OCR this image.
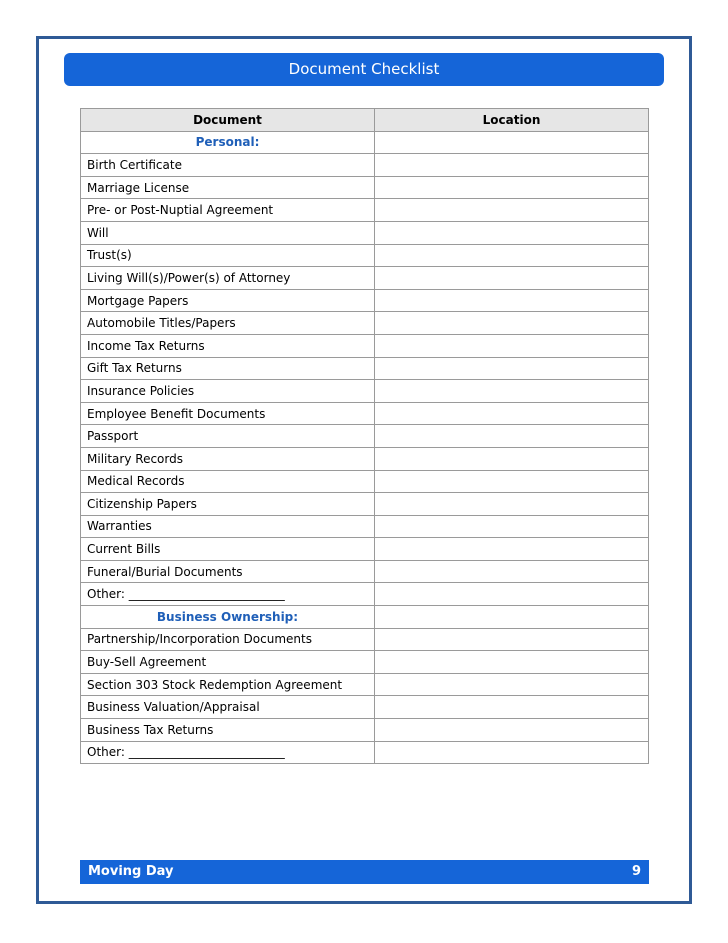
Document Checklist
Document	Location
Personal:	
Birth Certificate	
Marriage License	
Pre- or Post-Nuptial Agreement	
Will	
Trust(s)	
Living Will(s)/Power(s) of Attorney	
Mortgage Papers	
Automobile Titles/Papers	
Income Tax Returns	
Gift Tax Returns	
Insurance Policies	
Employee Benefit Documents	
Passport	
Military Records	
Medical Records	
Citizenship Papers	
Warranties	
Current Bills	
Funeral/Burial Documents	
Other: __________________________	
Business Ownership:	
Partnership/Incorporation Documents	
Buy-Sell Agreement	
Section 303 Stock Redemption Agreement	
Business Valuation/Appraisal	
Business Tax Returns	
Other: __________________________	
Moving Day	9
